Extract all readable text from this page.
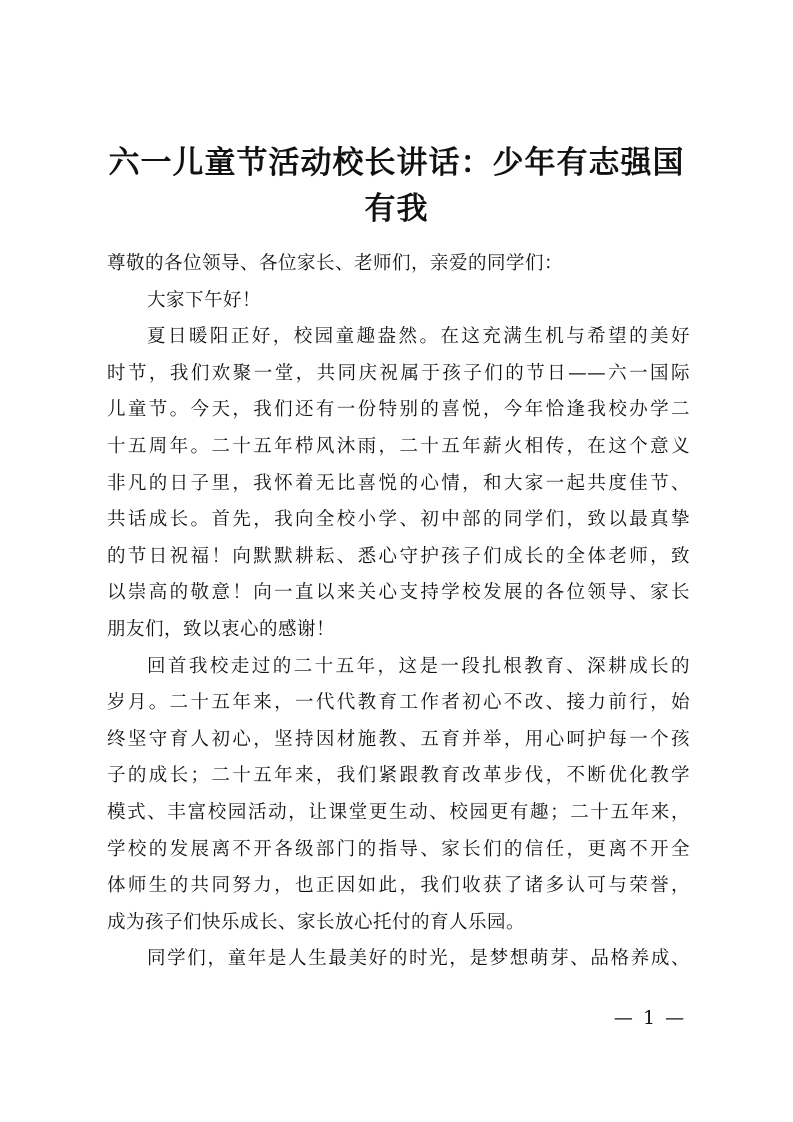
六一儿童节活动校长讲话：少年有志强国
有我
尊敬的各位领导、各位家长、老师们，亲爱的同学们：
大家下午好！
夏日暖阳正好，校园童趣盎然。在这充满生机与希望的美好
时节，我们欢聚一堂，共同庆祝属于孩子们的节日——六一国际
儿童节。今天，我们还有一份特别的喜悦，今年恰逢我校办学二
十五周年。二十五年栉风沐雨，二十五年薪火相传，在这个意义
非凡的日子里，我怀着无比喜悦的心情，和大家一起共度佳节、
共话成长。首先，我向全校小学、初中部的同学们，致以最真挚
的节日祝福！向默默耕耘、悉心守护孩子们成长的全体老师，致
以崇高的敬意！向一直以来关心支持学校发展的各位领导、家长
朋友们，致以衷心的感谢！
回首我校走过的二十五年，这是一段扎根教育、深耕成长的
岁月。二十五年来，一代代教育工作者初心不改、接力前行，始
终坚守育人初心，坚持因材施教、五育并举，用心呵护每一个孩
子的成长；二十五年来，我们紧跟教育改革步伐，不断优化教学
模式、丰富校园活动，让课堂更生动、校园更有趣；二十五年来，
学校的发展离不开各级部门的指导、家长们的信任，更离不开全
体师生的共同努力，也正因如此，我们收获了诸多认可与荣誉，
成为孩子们快乐成长、家长放心托付的育人乐园。
同学们，童年是人生最美好的时光，是梦想萌芽、品格养成、
— 1 —
